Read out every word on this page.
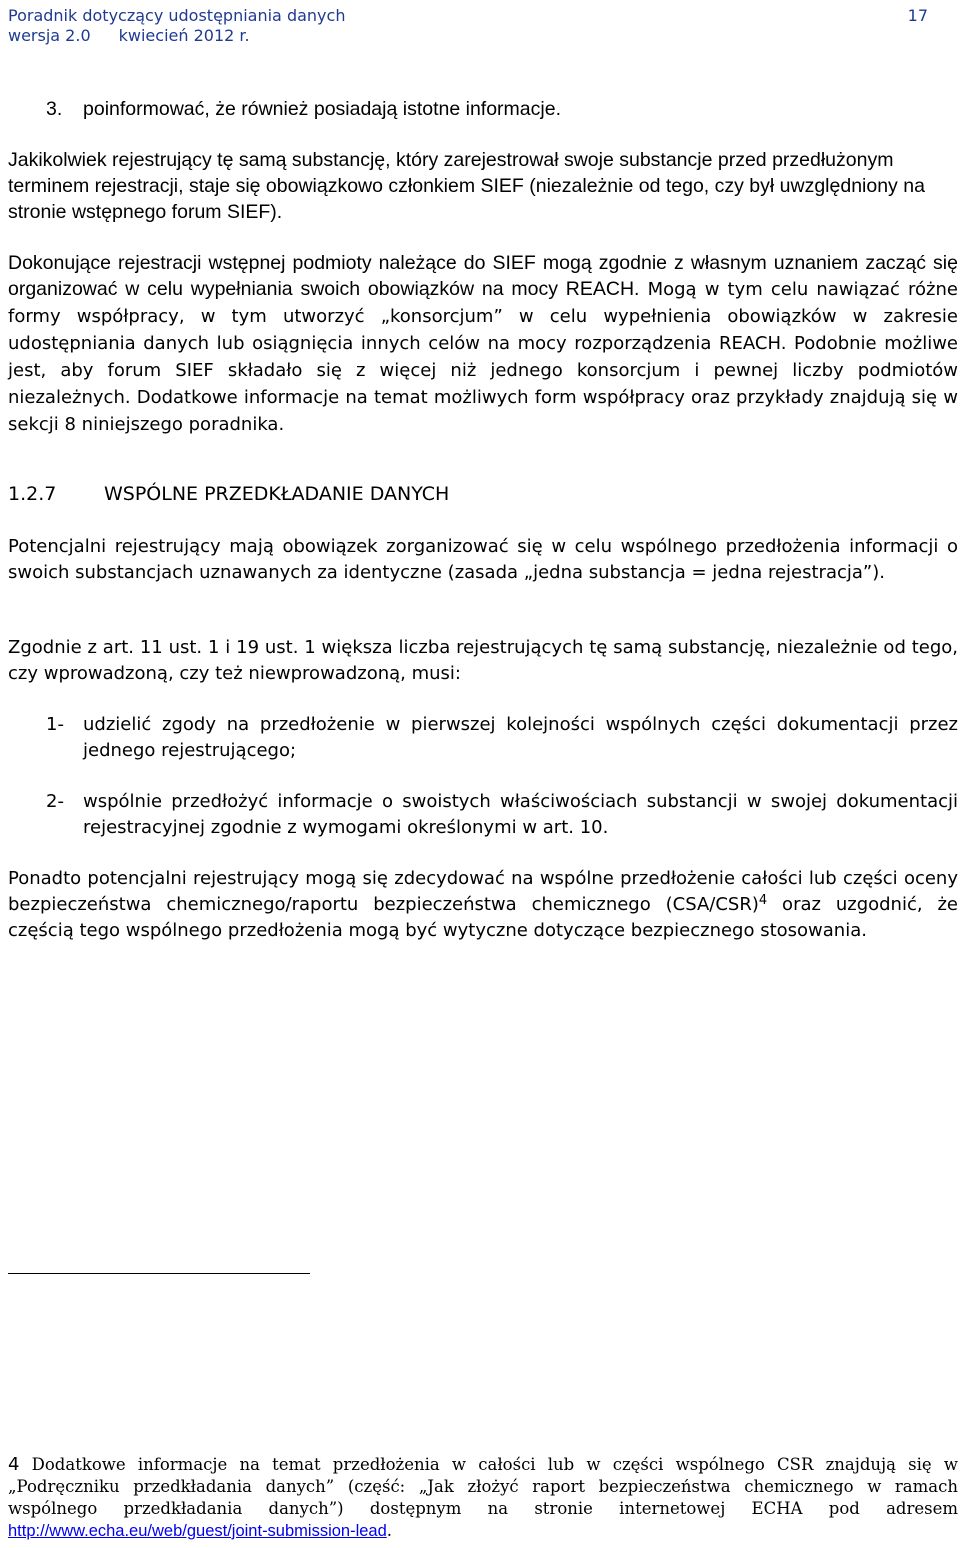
Poradnik dotyczący udostępniania danych	17
wersja 2.0 kwiecień 2012 r.
3. poinformować, że również posiadają istotne informacje.
Jakikolwiek rejestrujący tę samą substancję, który zarejestrował swoje substancje przed przedłużonym terminem rejestracji, staje się obowiązkowo członkiem SIEF (niezależnie od tego, czy był uwzględniony na stronie wstępnego forum SIEF).
Dokonujące rejestracji wstępnej podmioty należące do SIEF mogą zgodnie z własnym uznaniem zacząć się organizować w celu wypełniania swoich obowiązków na mocy REACH. Mogą w tym celu nawiązać różne formy współpracy, w tym utworzyć „konsorcjum” w celu wypełnienia obowiązków w zakresie udostępniania danych lub osiągnięcia innych celów na mocy rozporządzenia REACH. Podobnie możliwe jest, aby forum SIEF składało się z więcej niż jednego konsorcjum i pewnej liczby podmiotów niezależnych. Dodatkowe informacje na temat możliwych form współpracy oraz przykłady znajdują się w sekcji 8 niniejszego poradnika.
1.2.7	WSPÓLNE PRZEDKŁADANIE DANYCH
Potencjalni rejestrujący mają obowiązek zorganizować się w celu wspólnego przedłożenia informacji o swoich substancjach uznawanych za identyczne (zasada „jedna substancja = jedna rejestracja”).
Zgodnie z art. 11 ust. 1 i 19 ust. 1 większa liczba rejestrujących tę samą substancję, niezależnie od tego, czy wprowadzoną, czy też niewprowadzoną, musi:
1- udzielić zgody na przedłożenie w pierwszej kolejności wspólnych części dokumentacji przez jednego rejestrującego;
2- wspólnie przedłożyć informacje o swoistych właściwościach substancji w swojej dokumentacji rejestracyjnej zgodnie z wymogami określonymi w art. 10.
Ponadto potencjalni rejestrujący mogą się zdecydować na wspólne przedłożenie całości lub części oceny bezpieczeństwa chemicznego/raportu bezpieczeństwa chemicznego $(CSA/CSR)^4$ oraz uzgodnić, że częścią tego wspólnego przedłożenia mogą być wytyczne dotyczące bezpiecznego stosowania.
4 Dodatkowe informacje na temat przedłożenia w całości lub w części wspólnego CSR znajdują się w „Podręczniku przedkładania danych” (część: „Jak złożyć raport bezpieczeństwa chemicznego w ramach wspólnego przedkładania danych”) dostępnym na stronie internetowej ECHA pod adresem http://www.echa.eu/web/guest/joint-submission-lead.
